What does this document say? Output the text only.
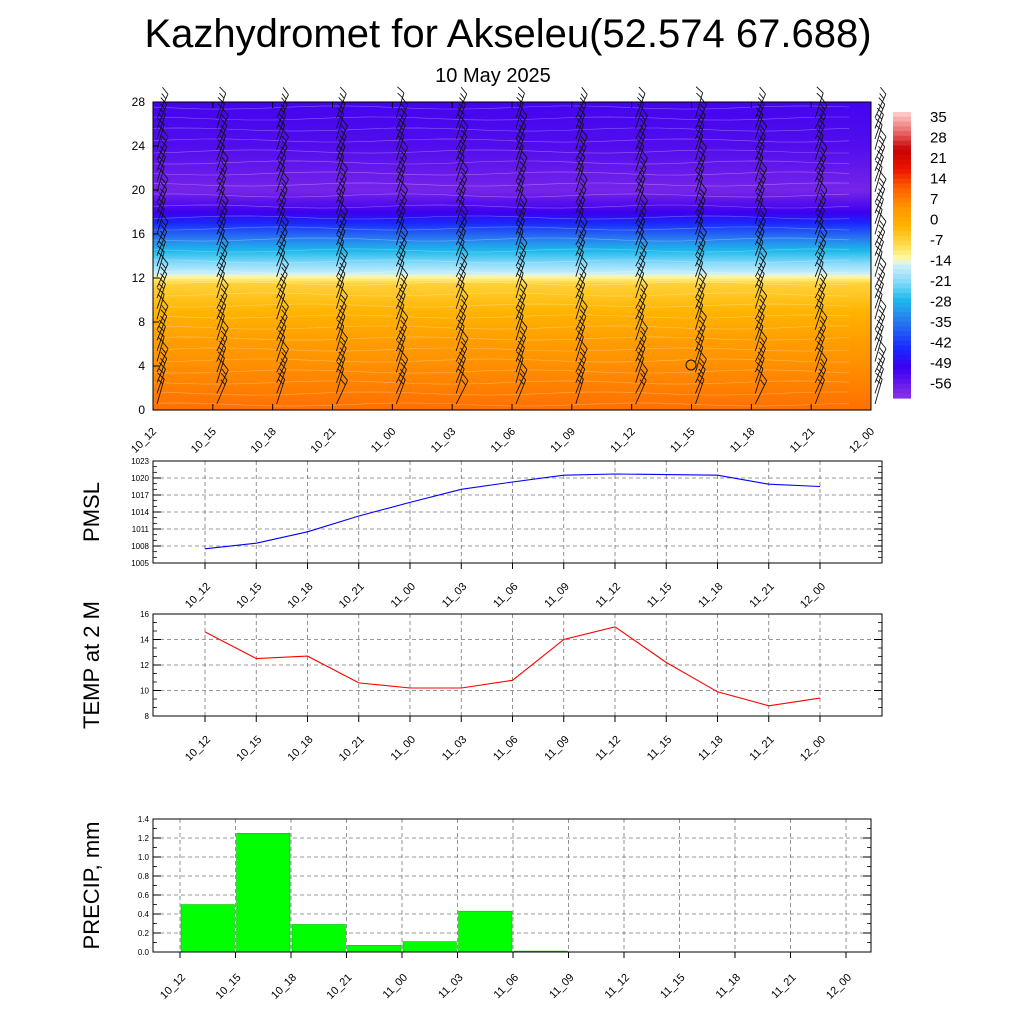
Kazhydromet for Akseleu(52.574 67.688)
10 May 2025
0
4
8
12
16
20
24
28
10_12	10_15	10_18	10_21	11_00	11_03	11_06	11_09	11_12	11_15	11_18	11_21	12_00
35
28
21
14
7
0
-7
-14
-21
-28
-35
-42
-49
-56
1005
1008
1011
1014
1017
1020
1023
10_12 10_15 10_18 10_21 11_00 11_03 11_06 11_09 11_12 11_15 11_18 11_21 12_00
PMSL
8
10
12
14
16
10_12 10_15 10_18 10_21 11_00 11_03 11_06 11_09 11_12 11_15 11_18 11_21 12_00
TEMP at 2 M
0.0
0.2
0.4
0.6
0.8
1.0
1.2
1.4
10_12 10_15 10_18 10_21 11_00 11_03 11_06 11_09 11_12 11_15 11_18 11_21 12_00
PRECIP, mm
